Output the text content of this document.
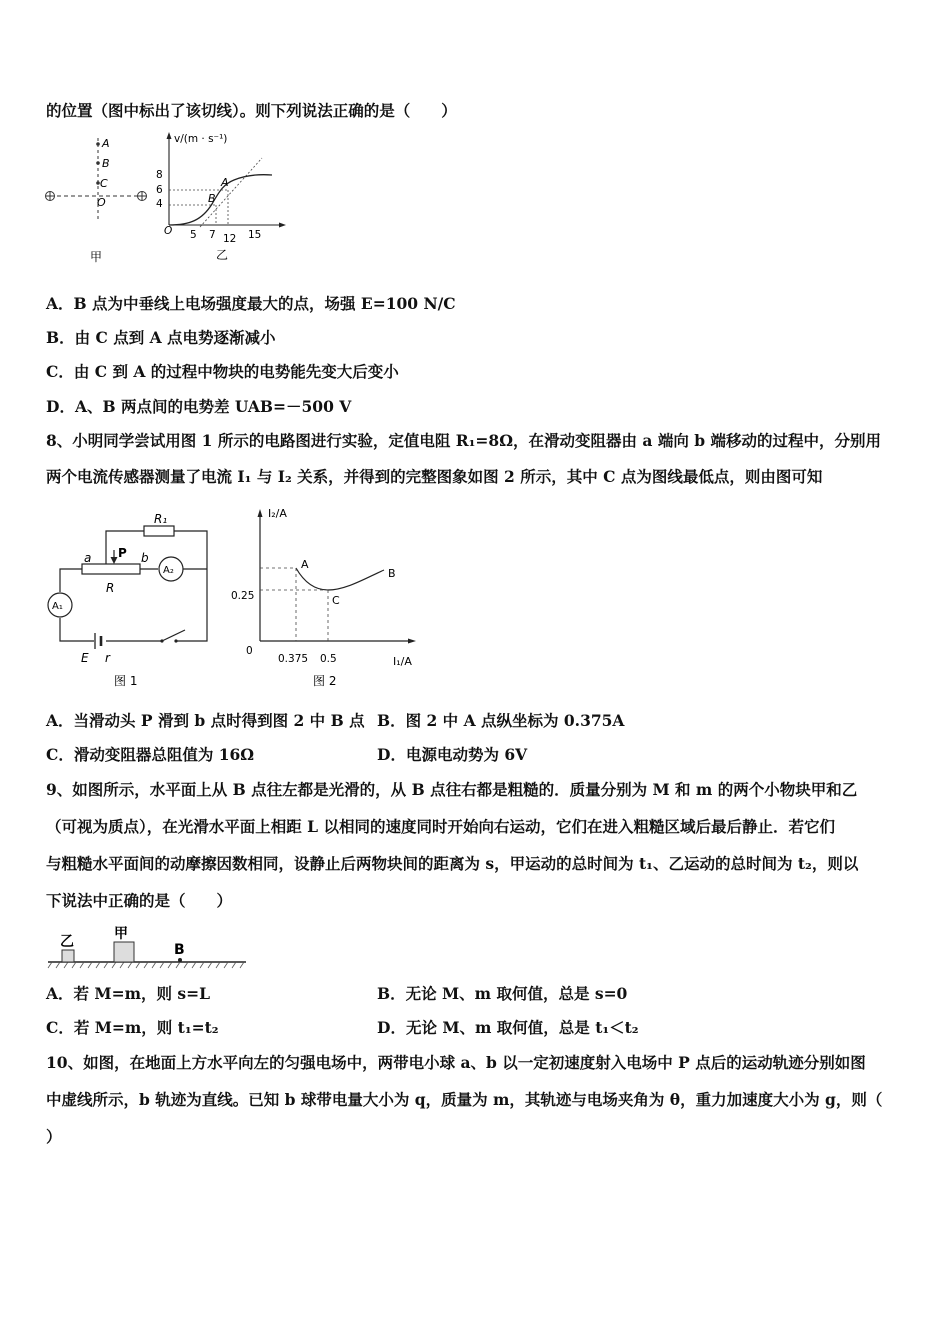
的位置（图中标出了该切线）。则下列说法正确的是（　　）
A
B
C
O
甲
v/(m · s⁻¹)
8
6
4
O 5 7 12 15
A
B
乙
A．B 点为中垂线上电场强度最大的点，场强 E=100 N/C
B．由 C 点到 A 点电势逐渐减小
C．由 C 到 A 的过程中物块的电势能先变大后变小
D．A、B 两点间的电势差 UAB=－500 V
8、小明同学尝试用图 1 所示的电路图进行实验，定值电阻 R₁=8Ω，在滑动变阻器由 a 端向 b 端移动的过程中，分别用
两个电流传感器测量了电流 I₁ 与 I₂ 关系，并得到的完整图象如图 2 所示，其中 C 点为图线最低点，则由图可知
R₁
P
a	b
R
A₂
A₁
E r
图 1
I₂/A
I₁/A
A
B
C
0.25
0
0.375 0.5
图 2
A．当滑动头 P 滑到 b 点时得到图 2 中 B 点 B．图 2 中 A 点纵坐标为 0.375A
C．滑动变阻器总阻值为 16Ω	D．电源电动势为 6V
9、如图所示，水平面上从 B 点往左都是光滑的，从 B 点往右都是粗糙的．质量分别为 M 和 m 的两个小物块甲和乙
（可视为质点），在光滑水平面上相距 L 以相同的速度同时开始向右运动，它们在进入粗糙区域后最后静止．若它们
与粗糙水平面间的动摩擦因数相同，设静止后两物块间的距离为 s，甲运动的总时间为 t₁、乙运动的总时间为 t₂，则以
下说法中正确的是（　　）
乙	甲
B
A．若 M=m，则 s=L	B．无论 M、m 取何值，总是 s=0
C．若 M=m，则 t₁=t₂	D．无论 M、m 取何值，总是 t₁＜t₂
10、如图，在地面上方水平向左的匀强电场中，两带电小球 a、b 以一定初速度射入电场中 P 点后的运动轨迹分别如图
中虚线所示，b 轨迹为直线。已知 b 球带电量大小为 q，质量为 m，其轨迹与电场夹角为 θ，重力加速度大小为 g，则（
）
